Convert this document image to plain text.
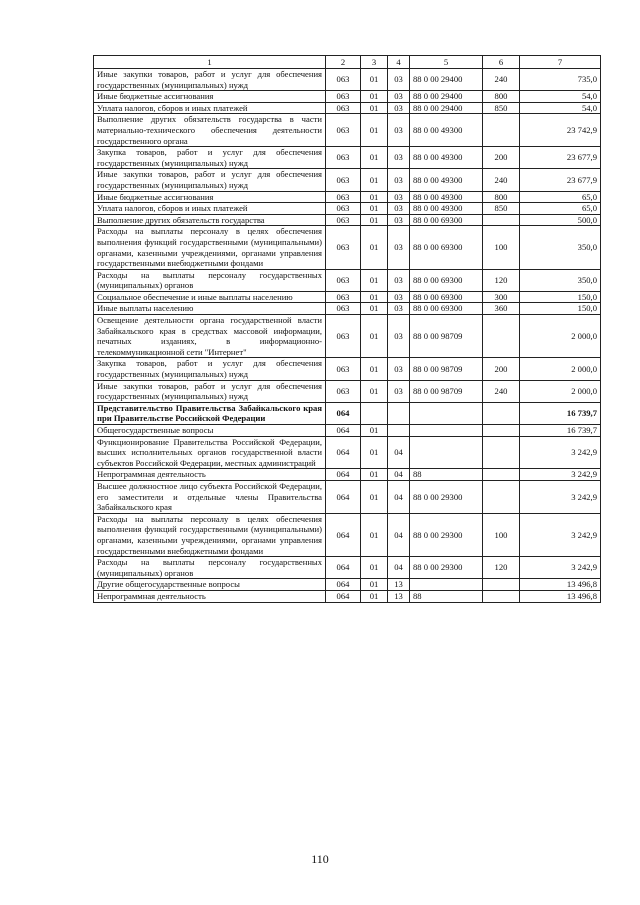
1	2	3	4	5	6	7
Иные закупки товаров, работ и услуг для обеспечения государственных (муниципальных) нужд	063	01	03	88 0 00 29400	240	735,0
Иные бюджетные ассигнования	063	01	03	88 0 00 29400	800	54,0
Уплата налогов, сборов и иных платежей	063	01	03	88 0 00 29400	850	54,0
Выполнение других обязательств государства в части материально-технического обеспечения деятельности государственного органа	063	01	03	88 0 00 49300		23 742,9
Закупка товаров, работ и услуг для обеспечения государственных (муниципальных) нужд	063	01	03	88 0 00 49300	200	23 677,9
Иные закупки товаров, работ и услуг для обеспечения государственных (муниципальных) нужд	063	01	03	88 0 00 49300	240	23 677,9
Иные бюджетные ассигнования	063	01	03	88 0 00 49300	800	65,0
Уплата налогов, сборов и иных платежей	063	01	03	88 0 00 49300	850	65,0
Выполнение других обязательств государства	063	01	03	88 0 00 69300		500,0
Расходы на выплаты персоналу в целях обеспечения выполнения функций государственными (муниципальными) органами, казенными учреждениями, органами управления государственными внебюджетными фондами	063	01	03	88 0 00 69300	100	350,0
Расходы на выплаты персоналу государственных (муниципальных) органов	063	01	03	88 0 00 69300	120	350,0
Социальное обеспечение и иные выплаты населению	063	01	03	88 0 00 69300	300	150,0
Иные выплаты населению	063	01	03	88 0 00 69300	360	150,0
Освещение деятельности органа государственной власти Забайкальского края в средствах массовой информации, печатных изданиях, в информационно-телекоммуникационной сети "Интернет"	063	01	03	88 0 00 98709		2 000,0
Закупка товаров, работ и услуг для обеспечения государственных (муниципальных) нужд	063	01	03	88 0 00 98709	200	2 000,0
Иные закупки товаров, работ и услуг для обеспечения государственных (муниципальных) нужд	063	01	03	88 0 00 98709	240	2 000,0
Представительство Правительства Забайкальского края при Правительстве Российской Федерации	064					16 739,7
Общегосударственные вопросы	064	01				16 739,7
Функционирование Правительства Российской Федерации, высших исполнительных органов государственной власти субъектов Российской Федерации, местных администраций	064	01	04			3 242,9
Непрограммная деятельность	064	01	04	88		3 242,9
Высшее должностное лицо субъекта Российской Федерации, его заместители и отдельные члены Правительства Забайкальского края	064	01	04	88 0 00 29300		3 242,9
Расходы на выплаты персоналу в целях обеспечения выполнения функций государственными (муниципальными) органами, казенными учреждениями, органами управления государственными внебюджетными фондами	064	01	04	88 0 00 29300	100	3 242,9
Расходы на выплаты персоналу государственных (муниципальных) органов	064	01	04	88 0 00 29300	120	3 242,9
Другие общегосударственные вопросы	064	01	13			13 496,8
Непрограммная деятельность	064	01	13	88		13 496,8
110
